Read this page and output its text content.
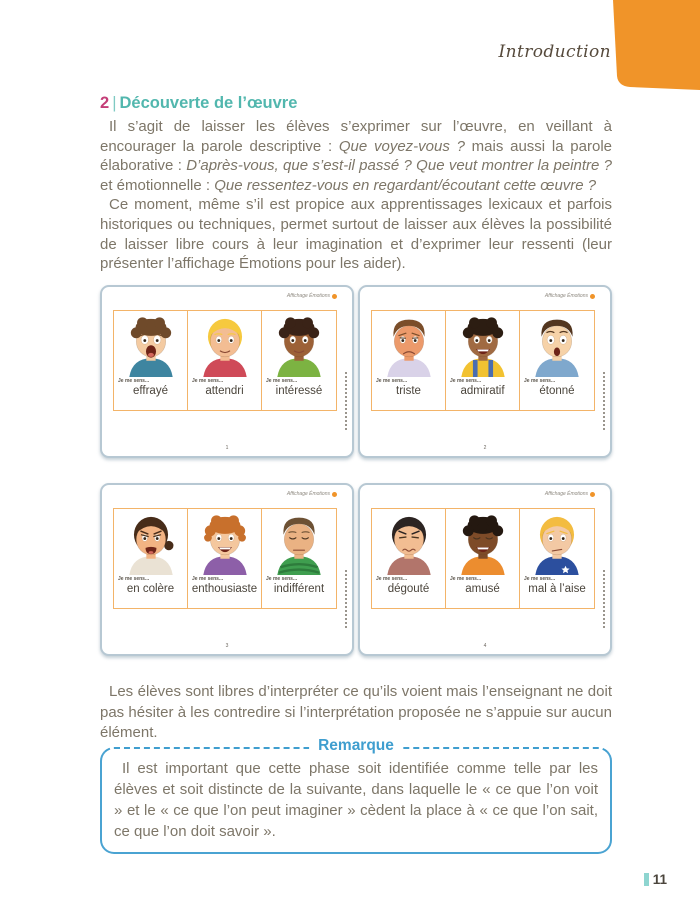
Introduction
2 | Découverte de l’œuvre

Il s’agit de laisser les élèves s’exprimer sur l’œuvre, en veillant à encourager la parole descriptive : Que voyez-vous ? mais aussi la parole élaborative : D’après-vous, que s’est-il passé ? Que veut montrer la peintre ? et émotionnelle : Que ressentez-vous en regardant/écoutant cette œuvre ?

Ce moment, même s’il est propice aux apprentissages lexicaux et parfois historiques ou techniques, permet surtout de laisser aux élèves la possibilité de laisser libre cours à leur imagination et d’exprimer leur ressenti (leur présenter l’affichage Émotions pour les aider).

Affichage Émotions
Je me sens...
effrayé
Je me sens...
attendri
Je me sens...
intéressé
1
Affichage Émotions
Je me sens...
triste
Je me sens...
admiratif
Je me sens...
étonné
2
Affichage Émotions
Je me sens...
en colère
Je me sens...
enthousiaste
Je me sens...
indifférent
3
Affichage Émotions
Je me sens...
dégouté
Je me sens...
amusé
Je me sens...
mal à l’aise
4

Les élèves sont libres d’interpréter ce qu’ils voient mais l’enseignant ne doit pas hésiter à les contredire si l’interprétation proposée ne s’appuie sur aucun élément.

Remarque

Il est important que cette phase soit identifiée comme telle par les élèves et soit distincte de la suivante, dans laquelle le « ce que l’on voit » et le « ce que l’on peut imaginer » cèdent la place à « ce que l’on sait, ce que l’on doit savoir ».

11
